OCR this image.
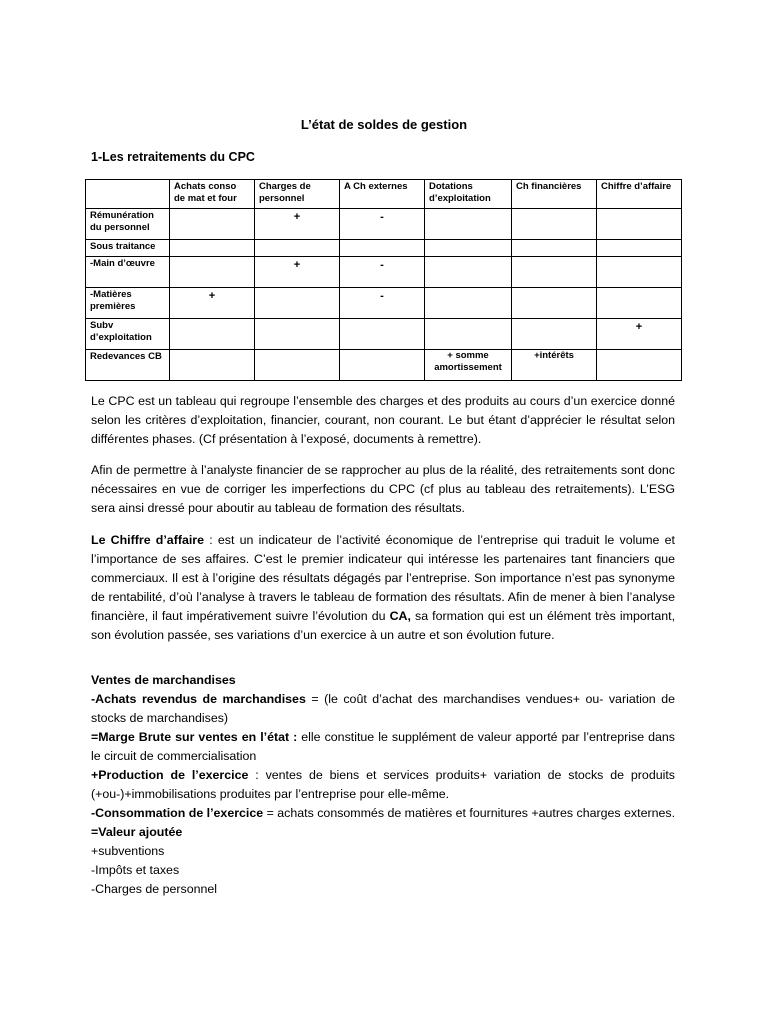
L’état de soldes de gestion
1-Les retraitements du CPC
	Achats conso de mat et four	Charges de personnel	A Ch externes	Dotations d’exploitation	Ch financières	Chiffre d’affaire
Rémunération du personnel		+	-			
Sous traitance						
-Main d’œuvre		+	-			
-Matières premières	+		-			
Subv d’exploitation						+
Redevances CB				+ somme amortissement	+intérêts	

Le CPC est un tableau qui regroupe l’ensemble des charges et des produits au cours d’un exercice donné selon les critères d’exploitation, financier, courant, non courant. Le but étant d’apprécier le résultat selon différentes phases. (Cf présentation à l’exposé, documents à remettre).

Afin de permettre à l’analyste financier de se rapprocher au plus de la réalité, des retraitements sont donc nécessaires en vue de corriger les imperfections du CPC (cf plus au tableau des retraitements). L’ESG sera ainsi dressé pour aboutir au tableau de formation des résultats.

Le Chiffre d’affaire : est un indicateur de l’activité économique de l’entreprise qui traduit le volume et l’importance de ses affaires. C’est le premier indicateur qui intéresse les partenaires tant financiers que commerciaux. Il est à l’origine des résultats dégagés par l’entreprise. Son importance n’est pas synonyme de rentabilité, d’où l’analyse à travers le tableau de formation des résultats. Afin de mener à bien l’analyse financière, il faut impérativement suivre l’évolution du CA, sa formation qui est un élément très important, son évolution passée, ses variations d’un exercice à un autre et son évolution future.

Ventes de marchandises

-Achats revendus de marchandises = (le coût d’achat des marchandises vendues+ ou- variation de stocks de marchandises)

=Marge Brute sur ventes en l’état : elle constitue le supplément de valeur apporté par l’entreprise dans le circuit de commercialisation

+Production de l’exercice : ventes de biens et services produits+ variation de stocks de produits (+ou-)+immobilisations produites par l’entreprise pour elle-même.

-Consommation de l’exercice = achats consommés de matières et fournitures +autres charges externes.

=Valeur ajoutée

+subventions

-Impôts et taxes

-Charges de personnel
